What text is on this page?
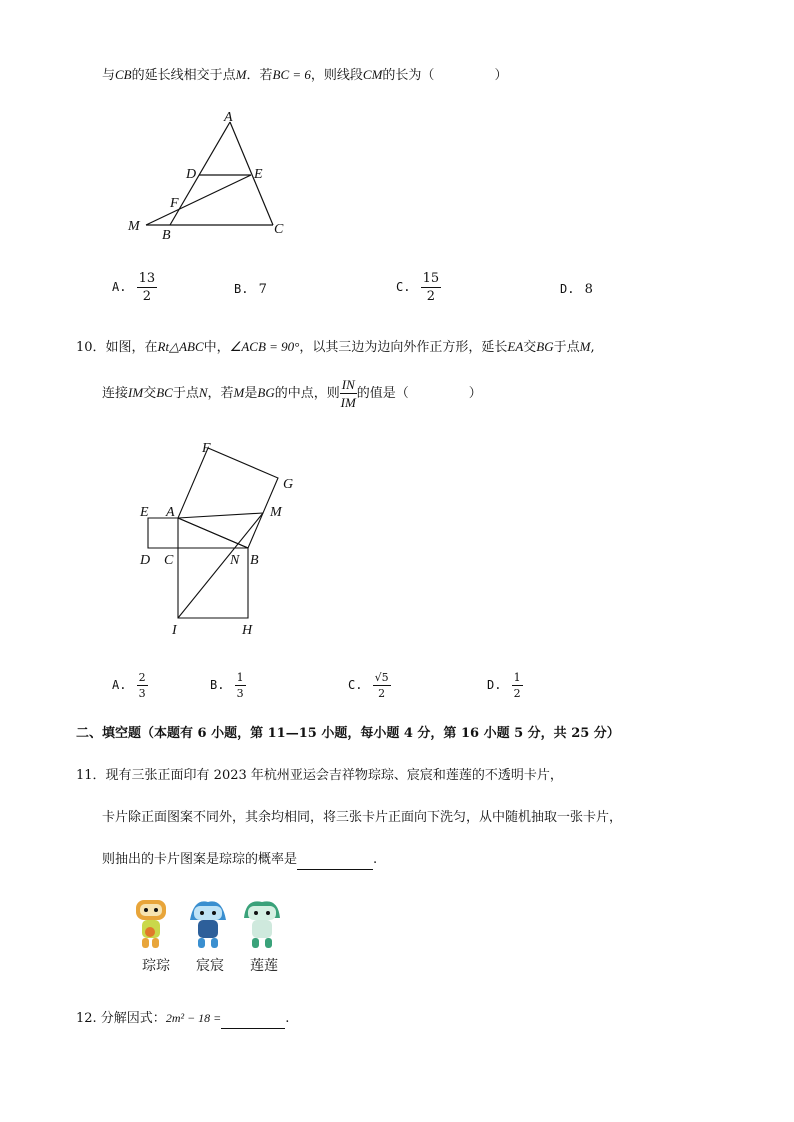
与CB的延长线相交于点M．若BC = 6，则线段CM的长为（	）
A
D	E
F
M
B	C
A. $\frac{13}{2}$	B. 7	C. $\frac{15}{2}$	D. 8
10．如图，在Rt△ABC中，∠ACB = 90°，以其三边为边向外作正方形，延长EA交BG于点M,
连接IM交BC于点N，若M是BG的中点，则 $\frac{IN}{IM}$ 的值是（	）
F
G
E A	M
D C	N B
I	H
A. $\frac{2}{3}$	B. $\frac{1}{3}$	C. $\frac{√5}{2}$	D. $\frac{1}{2}$
二、填空题（本题有 6 小题，第 11—15 小题，每小题 4 分，第 16 小题 5 分，共 25 分）
11．现有三张正面印有 2023 年杭州亚运会吉祥物琮琮、宸宸和莲莲的不透明卡片，
卡片除正面图案不同外，其余均相同，将三张卡片正面向下洗匀，从中随机抽取一张卡片，
则抽出的卡片图案是琮琮的概率是	.
琮琮	宸宸	莲莲
12. 分解因式：2m² − 18 =	.
